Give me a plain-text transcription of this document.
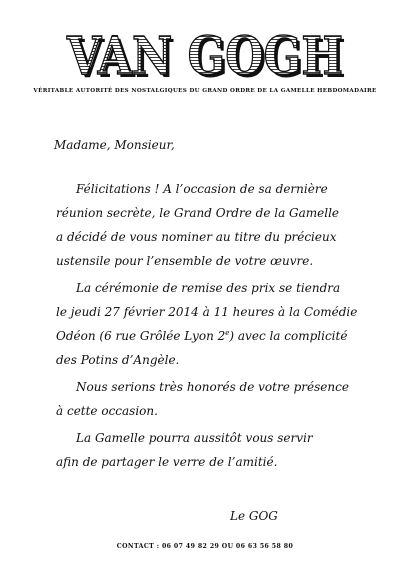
VAN GOGH
VAN GOGH
VÉRITABLE AUTORITÉ DES NOSTALGIQUES DU GRAND ORDRE DE LA GAMELLE HEBDOMADAIRE
Madame, Monsieur,
Félicitations ! A l’occasion de sa dernière
réunion secrète, le Grand Ordre de la Gamelle
a décidé de vous nominer au titre du précieux
ustensile pour l’ensemble de votre œuvre.
La cérémonie de remise des prix se tiendra
le jeudi 27 février 2014 à 11 heures à la Comédie
Odéon (6 rue Grôlée Lyon 2e) avec la complicité
des Potins d’Angèle.
Nous serions très honorés de votre présence
à cette occasion.
La Gamelle pourra aussitôt vous servir
afin de partager le verre de l’amitié.
Le GOG
CONTACT : 06 07 49 82 29 OU 06 63 56 58 80
